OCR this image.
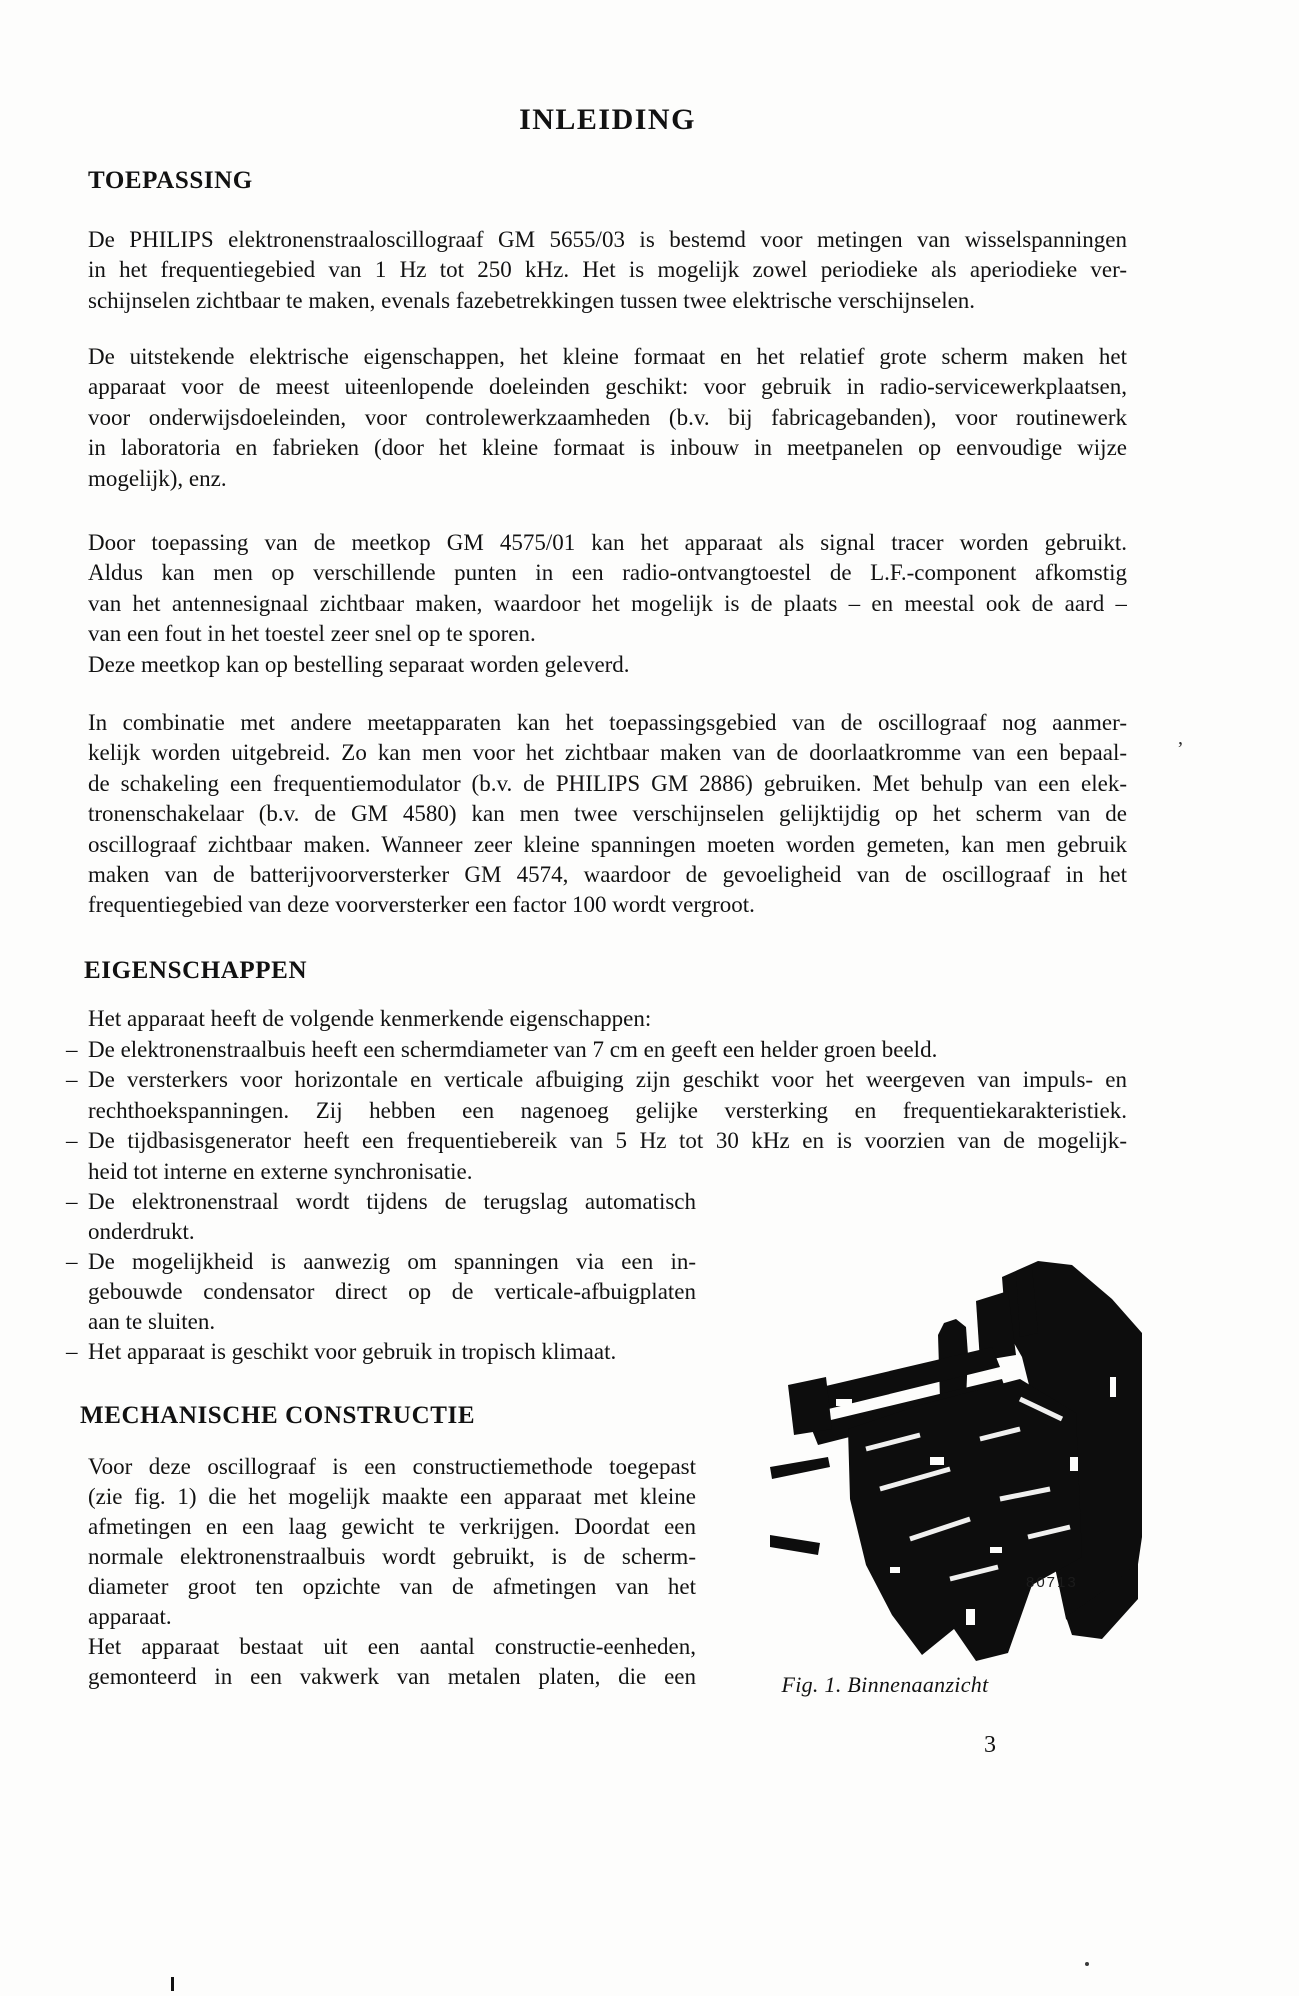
INLEIDING
TOEPASSING
De PHILIPS elektronenstraaloscillograaf GM 5655/03 is bestemd voor metingen van wisselspanningen
in het frequentiegebied van 1 Hz tot 250 kHz. Het is mogelijk zowel periodieke als aperiodieke ver-
schijnselen zichtbaar te maken, evenals fazebetrekkingen tussen twee elektrische verschijnselen.
De uitstekende elektrische eigenschappen, het kleine formaat en het relatief grote scherm maken het
apparaat voor de meest uiteenlopende doeleinden geschikt: voor gebruik in radio-servicewerkplaatsen,
voor onderwijsdoeleinden, voor controlewerkzaamheden (b.v. bij fabricagebanden), voor routinewerk
in laboratoria en fabrieken (door het kleine formaat is inbouw in meetpanelen op eenvoudige wijze
mogelijk), enz.
Door toepassing van de meetkop GM 4575/01 kan het apparaat als signal tracer worden gebruikt.
Aldus kan men op verschillende punten in een radio-ontvangtoestel de L.F.-component afkomstig
van het antennesignaal zichtbaar maken, waardoor het mogelijk is de plaats – en meestal ook de aard –
van een fout in het toestel zeer snel op te sporen.
Deze meetkop kan op bestelling separaat worden geleverd.
In combinatie met andere meetapparaten kan het toepassingsgebied van de oscillograaf nog aanmer-
kelijk worden uitgebreid. Zo kan men voor het zichtbaar maken van de doorlaatkromme van een bepaal-
de schakeling een frequentiemodulator (b.v. de PHILIPS GM 2886) gebruiken. Met behulp van een elek-
tronenschakelaar (b.v. de GM 4580) kan men twee verschijnselen gelijktijdig op het scherm van de
oscillograaf zichtbaar maken. Wanneer zeer kleine spanningen moeten worden gemeten, kan men gebruik
maken van de batterijvoorversterker GM 4574, waardoor de gevoeligheid van de oscillograaf in het
frequentiegebied van deze voorversterker een factor 100 wordt vergroot.
EIGENSCHAPPEN
Het apparaat heeft de volgende kenmerkende eigenschappen:
– De elektronenstraalbuis heeft een schermdiameter van 7 cm en geeft een helder groen beeld.
– De versterkers voor horizontale en verticale afbuiging zijn geschikt voor het weergeven van impuls- en
rechthoekspanningen. Zij hebben een nagenoeg gelijke versterking en frequentiekarakteristiek.
– De tijdbasisgenerator heeft een frequentiebereik van 5 Hz tot 30 kHz en is voorzien van de mogelijk-
heid tot interne en externe synchronisatie.
– De elektronenstraal wordt tijdens de terugslag automatisch
onderdrukt.
– De mogelijkheid is aanwezig om spanningen via een in-
gebouwde condensator direct op de verticale-afbuigplaten
aan te sluiten.
– Het apparaat is geschikt voor gebruik in tropisch klimaat.
MECHANISCHE CONSTRUCTIE
Voor deze oscillograaf is een constructiemethode toegepast
(zie fig. 1) die het mogelijk maakte een apparaat met kleine
afmetingen en een laag gewicht te verkrijgen. Doordat een
normale elektronenstraalbuis wordt gebruikt, is de scherm-
diameter groot ten opzichte van de afmetingen van het
apparaat.
Het apparaat bestaat uit een aantal constructie-eenheden,
gemonteerd in een vakwerk van metalen platen, die een
80713
Fig. 1. Binnenaanzicht
3
,
